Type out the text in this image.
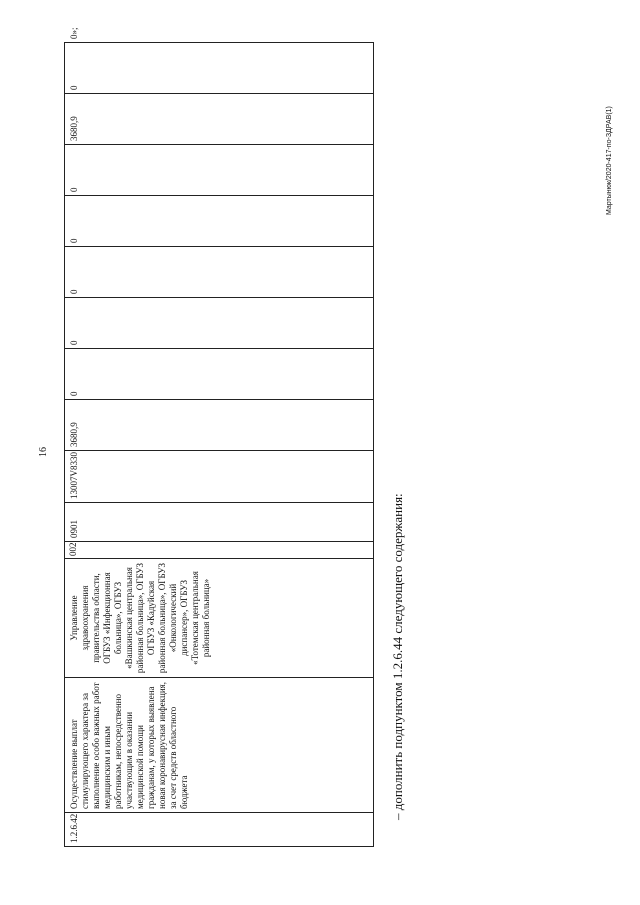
16

1.2.6.42	Осуществление выплат стимулирующего характера за выполнение особо важных работ медицинским и иным работникам, непосредственно участвующим в оказании медицинской помощи гражданам, у которых выявлена новая коронавирусная инфекция, за счет средств областного бюджета	Управление здравоохранения правительства области, ОГБУЗ «Инфекционная больница», ОГБУЗ «Вашкинская центральная районная больница», ОГБУЗ ОГБУЗ «Кадуйская районная больница», ОГБУЗ «Онкологический диспансер», ОГБУЗ «Тотемская центральная районная больница»	002	0901	13007V8330	3680,9	0	0	0	0	0	3680,9	0	0»;

– дополнить подпунктом 1.2.6.44 следующего содержания:

Мартынюк/2020-417-по-ЗДРАВ(1)
